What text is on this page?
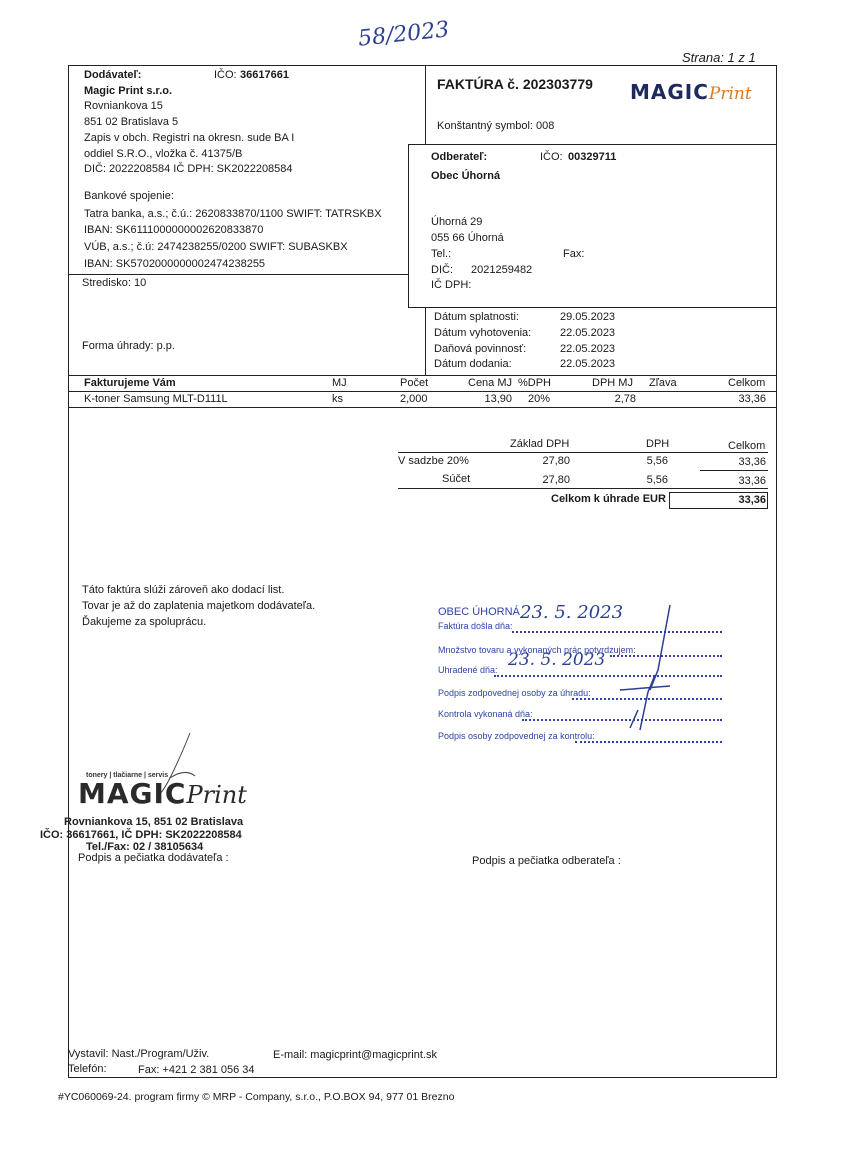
58/2023
Strana: 1 z 1
Dodávateľ:	IČO: 36617661
Magic Print s.r.o.
Rovniankova 15
851 02 Bratislava 5
Zapis v obch. Registri na okresn. sude BA I
oddiel S.R.O., vložka č. 41375/B
DIČ: 2022208584 IČ DPH: SK2022208584
Bankové spojenie:
Tatra banka, a.s.; č.ú.: 2620833870/1100 SWIFT: TATRSKBX
IBAN: SK6111000000002620833870
VÚB, a.s.; č.ú: 2474238255/0200 SWIFT: SUBASKBX
IBAN: SK5702000000002474238255
Stredisko: 10
Forma úhrady: p.p.
FAKTÚRA č. 202303779
Konštantný symbol: 008
MAGICPrint
Odberateľ:	IČO: 00329711
Obec Úhorná
Úhorná 29
055 66 Úhorná
Tel.:	Fax:
DIČ: 2021259482
IČ DPH:
Dátum splatnosti:	29.05.2023
Dátum vyhotovenia:	22.05.2023
Daňová povinnosť:	22.05.2023
Dátum dodania:	22.05.2023
Fakturujeme Vám	MJ	Počet	Cena MJ %DPH	DPH MJ Zľava	Celkom
K-toner Samsung MLT-D111L	ks	2,000	13,90 20%	2,78	33,36
Základ DPH	DPH	Celkom
V sadzbe 20%	27,80	5,56	33,36
Súčet	27,80	5,56	33,36
Celkom k úhrade EUR	33,36
Táto faktúra slúži zároveň ako dodací list.
Tovar je až do zaplatenia majetkom dodávateľa.
Ďakujeme za spoluprácu.
OBEC ÚHORNÁ
Faktúra došla dňa:
23. 5. 2023
Množstvo tovaru a vykonaných prác potvrdzujem:
Uhradené dňa: 23. 5. 2023
Podpis zodpovednej osoby za úhradu:
Kontrola vykonaná dňa:
Podpis osoby zodpovednej za kontrolu:
tonery | tlačiarne | servis
MAGICPrint
Rovniankova 15, 851 02 Bratislava
IČO: 36617661, IČ DPH: SK2022208584
Tel./Fax: 02 / 38105634
Podpis a pečiatka dodávateľa :	Podpis a pečiatka odberateľa :
Vystavil: Nast./Program/Uživ.	E-mail: magicprint@magicprint.sk
Telefón:	Fax: +421 2 381 056 34
#YC060069-24. program firmy © MRP - Company, s.r.o., P.O.BOX 94, 977 01 Brezno
